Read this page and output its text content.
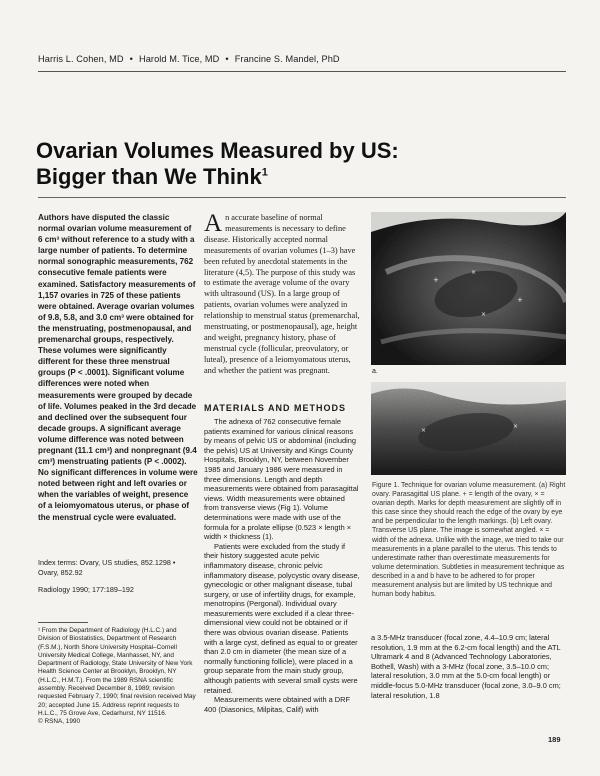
Harris L. Cohen, MD • Harold M. Tice, MD • Francine S. Mandel, PhD
Ovarian Volumes Measured by US:
Bigger than We Think$^1$

Authors have disputed the classic normal ovarian volume measurement of 6 cm³ without reference to a study with a large number of patients. To determine normal sonographic measurements, 762 consecutive female patients were examined. Satisfactory measurements of 1,157 ovaries in 725 of these patients were obtained. Average ovarian volumes of 9.8, 5.8, and 3.0 cm³ were obtained for the menstruating, postmenopausal, and premenarchal groups, respectively. These volumes were significantly different for these three menstrual groups (P < .0001). Significant volume differences were noted when measurements were grouped by decade of life. Volumes peaked in the 3rd decade and declined over the subsequent four decade groups. A significant average volume difference was noted between pregnant (11.1 cm³) and nonpregnant (9.4 cm³) menstruating patients (P < .0002). No significant differences in volume were noted between right and left ovaries or when the variables of weight, presence of a leiomyomatous uterus, or phase of the menstrual cycle were evaluated.

Index terms: Ovary, US studies, 852.1298 • Ovary, 852.92
Radiology 1990; 177:189–192
¹ From the Department of Radiology (H.L.C.) and Division of Biostatistics, Department of Research (F.S.M.), North Shore University Hospital–Cornell University Medical College, Manhasset, NY, and Department of Radiology, State University of New York Health Science Center at Brooklyn, Brooklyn, NY (H.L.C., H.M.T.). From the 1989 RSNA scientific assembly. Received December 8, 1989; revision requested February 7, 1990; final revision received May 20; accepted June 15. Address reprint requests to H.L.C., 75 Grove Ave, Cedarhurst, NY 11516.
© RSNA, 1990

An accurate baseline of normal measurements is necessary to define disease. Historically accepted normal measurements of ovarian volumes (1–3) have been refuted by anecdotal statements in the literature (4,5). The purpose of this study was to estimate the average volume of the ovary with ultrasound (US). In a large group of patients, ovarian volumes were analyzed in relationship to menstrual status (premenarchal, menstruating, or postmenopausal), age, height and weight, pregnancy history, phase of menstrual cycle (follicular, preovulatory, or luteal), presence of a leiomyomatous uterus, and whether the patient was pregnant.

MATERIALS AND METHODS

The adnexa of 762 consecutive female patients examined for various clinical reasons by means of pelvic US or abdominal (including the pelvis) US at University and Kings County Hospitals, Brooklyn, NY, between November 1985 and January 1986 were measured in three dimensions. Length and depth measurements were obtained from parasagittal views. Width measurements were obtained from transverse views (Fig 1). Volume determinations were made with use of the formula for a prolate ellipse (0.523 × length × width × thickness (1).

Patients were excluded from the study if their history suggested acute pelvic inflammatory disease, chronic pelvic inflammatory disease, polycystic ovary disease, gynecologic or other malignant disease, tubal surgery, or use of infertility drugs, for example, menotropins (Pergonal). Individual ovary measurements were excluded if a clear three-dimensional view could not be obtained or if there was obvious ovarian disease. Patients with a large cyst, defined as equal to or greater than 2.0 cm in diameter (the mean size of a normally functioning follicle), were placed in a group separate from the main study group, although patients with several small cysts were retained.

Measurements were obtained with a DRF 400 (Diasonics, Milpitas, Calif) with

+
+
×
×
a.
×
×
b.
Figure 1. Technique for ovarian volume measurement. (a) Right ovary. Parasagittal US plane. + = length of the ovary, × = ovarian depth. Marks for depth measurement are slightly off in this case since they should reach the edge of the ovary by eye and be perpendicular to the length markings. (b) Left ovary. Transverse US plane. The image is somewhat angled. × = width of the adnexa. Unlike with the image, we tried to take our measurements in a plane parallel to the uterus. This tends to underestimate rather than overestimate measurements for volume determination. Subtleties in measurement technique as described in a and b have to be adhered to for proper measurement analysis but are limited by US technique and human body habitus.
a 3.5-MHz transducer (focal zone, 4.4–10.9 cm; lateral resolution, 1.9 mm at the 6.2-cm focal length) and the ATL Ultramark 4 and 8 (Advanced Technology Laboratories, Bothell, Wash) with a 3-MHz (focal zone, 3.5–10.0 cm; lateral resolution, 3.0 mm at the 5.0-cm focal length) or middle-focus 5.0-MHz transducer (focal zone, 3.0–9.0 cm; lateral resolution, 1.8
189
